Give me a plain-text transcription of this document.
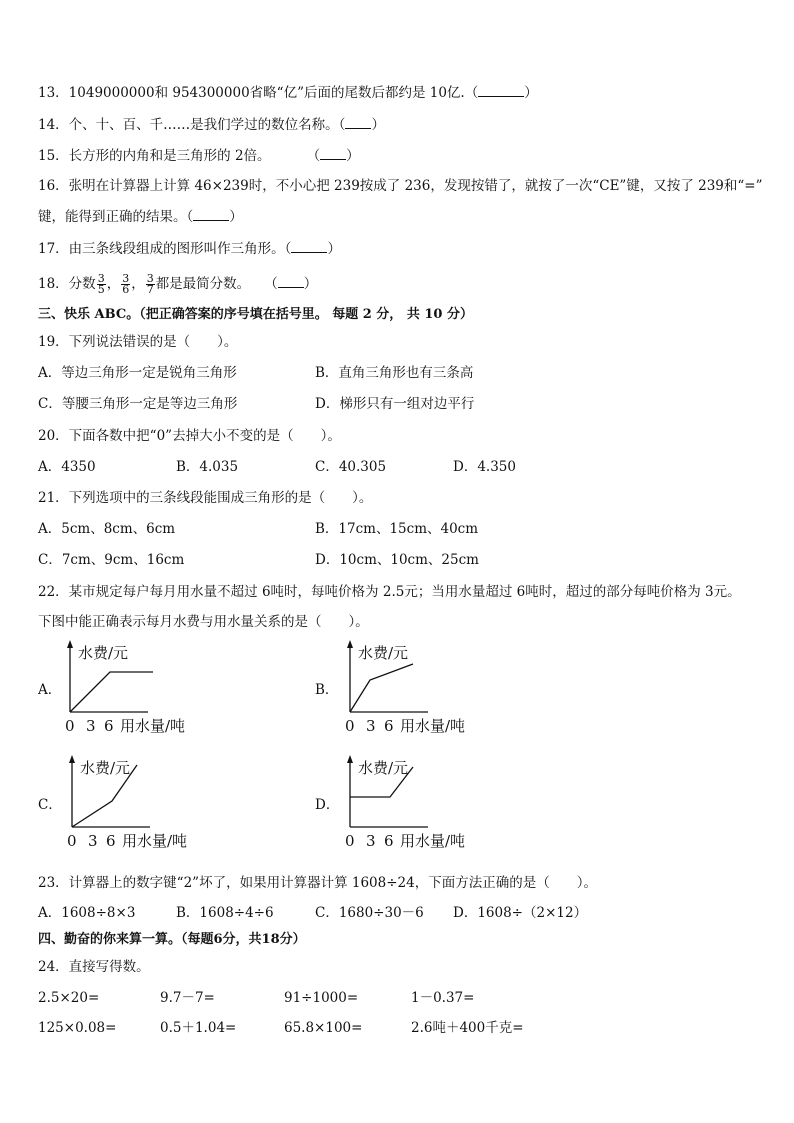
13．1049000000和 954300000省略“亿”后面的尾数后都约是 10亿.（	）
14．个、十、百、千……是我们学过的数位名称。（ ）
15．长方形的内角和是三角形的 2倍。	（ ）
16．张明在计算器上计算 46×239时，不小心把 239按成了 236，发现按错了，就按了一次“CE”键，又按了 239和“=”
键，能得到正确的结果。（	）
17．由三条线段组成的图形叫作三角形。（	）
18．分数 $\frac{3}{5}$ ， $\frac{3}{6}$ ， $\frac{3}{7}$ 都是最简分数。 （ ）
三、快乐 ABC。（把正确答案的序号填在括号里。 每题 2 分， 共 10 分）
19．下列说法错误的是（　　）。
A．等边三角形一定是锐角三角形	B．直角三角形也有三条高
C．等腰三角形一定是等边三角形	D．梯形只有一组对边平行
20．下面各数中把“0”去掉大小不变的是（　　）。
A．4350	B．4.035	C．40.305	D．4.350
21．下列选项中的三条线段能围成三角形的是（　　）。
A．5cm、8cm、6cm	B．17cm、15cm、40cm
C．7cm、9cm、16cm	D．10cm、10cm、25cm
22．某市规定每户每月用水量不超过 6吨时，每吨价格为 2.5元；当用水量超过 6吨时，超过的部分每吨价格为 3元。
下图中能正确表示每月水费与用水量关系的是（　　）。
A．
水费/元
0 3 6 用水量/吨
B．
水费/元
0 3 6 用水量/吨
C．
水费/元
0 3 6 用水量/吨
D．
水费/元
0 3 6 用水量/吨
23．计算器上的数字键“2”坏了，如果用计算器计算 1608÷24，下面方法正确的是（　　）。
A．1608÷8×3	B．1608÷4÷6	C．1680÷30－6 D．1608÷（2×12）
四、勤奋的你来算一算。（每题6分，共18分）
24．直接写得数。
2.5×20=	9.7－7=	91÷1000=	1－0.37=
125×0.08=	0.5＋1.04=	65.8×100=	2.6吨＋400千克=
